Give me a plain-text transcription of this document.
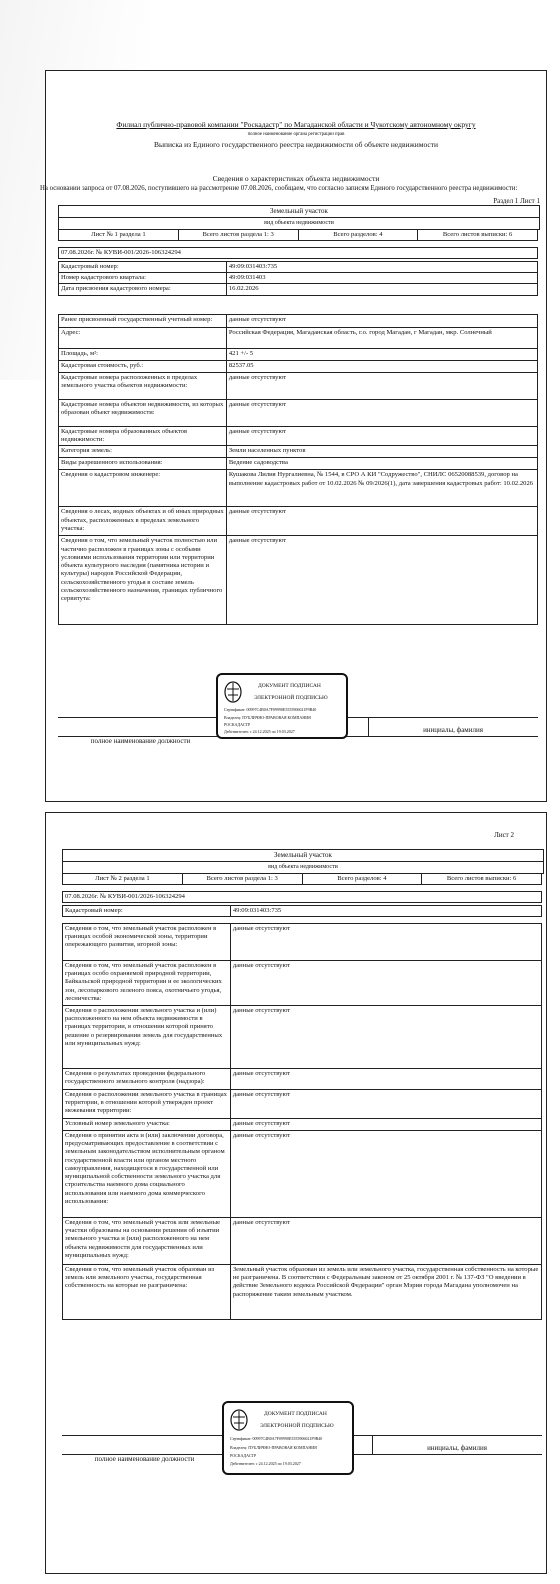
Филиал публично-правовой компании "Роскадастр" по Магаданской области и Чукотскому автономному округу
полное наименование органа регистрации прав
Выписка из Единого государственного реестра недвижимости об объекте недвижимости
Сведения о характеристиках объекта недвижимости
На основании запроса от 07.08.2026, поступившего на рассмотрение 07.08.2026, сообщаем, что согласно записям Единого государственного реестра недвижимости:
Раздел 1 Лист 1
Земельный участок
вид объекта недвижимости
Лист № 1 раздела 1	Всего листов раздела 1: 3	Всего разделов: 4	Всего листов выписки: 6
07.08.2026г. № КУВИ-001/2026-106324294
Кадастровый номер:	49:09:031403:735
Номер кадастрового квартала:	49:09:031403
Дата присвоения кадастрового номера:	16.02.2026
Ранее присвоенный государственный учетный номер:	данные отсутствуют
Адрес:	Российская Федерация, Магаданская область, г.о. город Магадан, г Магадан, мкр. Солнечный
Площадь, м²:	421 +/- 5
Кадастровая стоимость, руб.:	82537.05
Кадастровые номера расположенных в пределах земельного участка объектов недвижимости:	данные отсутствуют
Кадастровые номера объектов недвижимости, из которых образован объект недвижимости:	данные отсутствуют
Кадастровые номера образованных объектов недвижимости:	данные отсутствуют
Категория земель:	Земли населенных пунктов
Виды разрешенного использования:	Ведение садоводства
Сведения о кадастровом инженере:	Кушакова Лилия Нургалиевна, № 1544, в СРО А КИ "Содружество", СНИЛС 06520088539, договор на выполнение кадастровых работ от 10.02.2026 № 09/2026(1), дата завершения кадастровых работ: 10.02.2026
Сведения о лесах, водных объектах и об иных природных объектах, расположенных в пределах земельного участка:	данные отсутствуют
Сведения о том, что земельный участок полностью или частично расположен в границах зоны с особыми условиями использования территории или территории объекта культурного наследия (памятника истории и культуры) народов Российской Федерации, сельскохозяйственного угодья в составе земель сельскохозяйственного назначения, границах публичного сервитута:	данные отсутствуют
полное наименование должности
инициалы, фамилия
ДОКУМЕНТ ПОДПИСАН
ЭЛЕКТРОННОЙ ПОДПИСЬЮ
Сертификат: 00997C4B0A7F09990E5555906021F9B40
Владелец: ПУБЛИЧНО-ПРАВОВАЯ КОМПАНИЯ
РОСКАДАСТР
Действителен: с 24.12.2025 по 19.03.2027
Лист 2
Земельный участок
вид объекта недвижимости
Лист № 2 раздела 1	Всего листов раздела 1: 3	Всего разделов: 4	Всего листов выписки: 6
07.08.2026г. № КУВИ-001/2026-106324294
Кадастровый номер:	49:09:031403:735
Сведения о том, что земельный участок расположен в границах особой экономической зоны, территории опережающего развития, игорной зоны:	данные отсутствуют
Сведения о том, что земельный участок расположен в границах особо охраняемой природной территории, Байкальской природной территории и ее экологических зон, лесопаркового зеленого пояса, охотничьего угодья, лесничества:	данные отсутствуют
Сведения о расположении земельного участка и (или) расположенного на нем объекта недвижимости в границах территории, в отношении которой принято решение о резервировании земель для государственных или муниципальных нужд:	данные отсутствуют
Сведения о результатах проведения федерального государственного земельного контроля (надзора):	данные отсутствуют
Сведения о расположении земельного участка в границах территории, в отношении которой утвержден проект межевания территории:	данные отсутствуют
Условный номер земельного участка:	данные отсутствуют
Сведения о принятии акта и (или) заключении договора, предусматривающих предоставление в соответствии с земельным законодательством исполнительным органом государственной власти или органом местного самоуправления, находящегося в государственной или муниципальной собственности земельного участка для строительства наемного дома социального использования или наемного дома коммерческого использования:	данные отсутствуют
Сведения о том, что земельный участок или земельные участки образованы на основании решения об изъятии земельного участка и (или) расположенного на нем объекта недвижимости для государственных или муниципальных нужд:	данные отсутствуют
Сведения о том, что земельный участок образован из земель или земельного участка, государственная собственность на которые не разграничена:	Земельный участок образован из земель или земельного участка, государственная собственность на которые не разграничена. В соответствии с Федеральным законом от 25 октября 2001 г. № 137-ФЗ "О введении в действие Земельного кодекса Российской Федерации" орган Мэрия города Магадана уполномочен на распоряжение таким земельным участком.
полное наименование должности
инициалы, фамилия
ДОКУМЕНТ ПОДПИСАН
ЭЛЕКТРОННОЙ ПОДПИСЬЮ
Сертификат: 00997C4B0A7F09990E5555906021F9B40
Владелец: ПУБЛИЧНО-ПРАВОВАЯ КОМПАНИЯ
РОСКАДАСТР
Действителен: с 24.12.2025 по 19.03.2027
